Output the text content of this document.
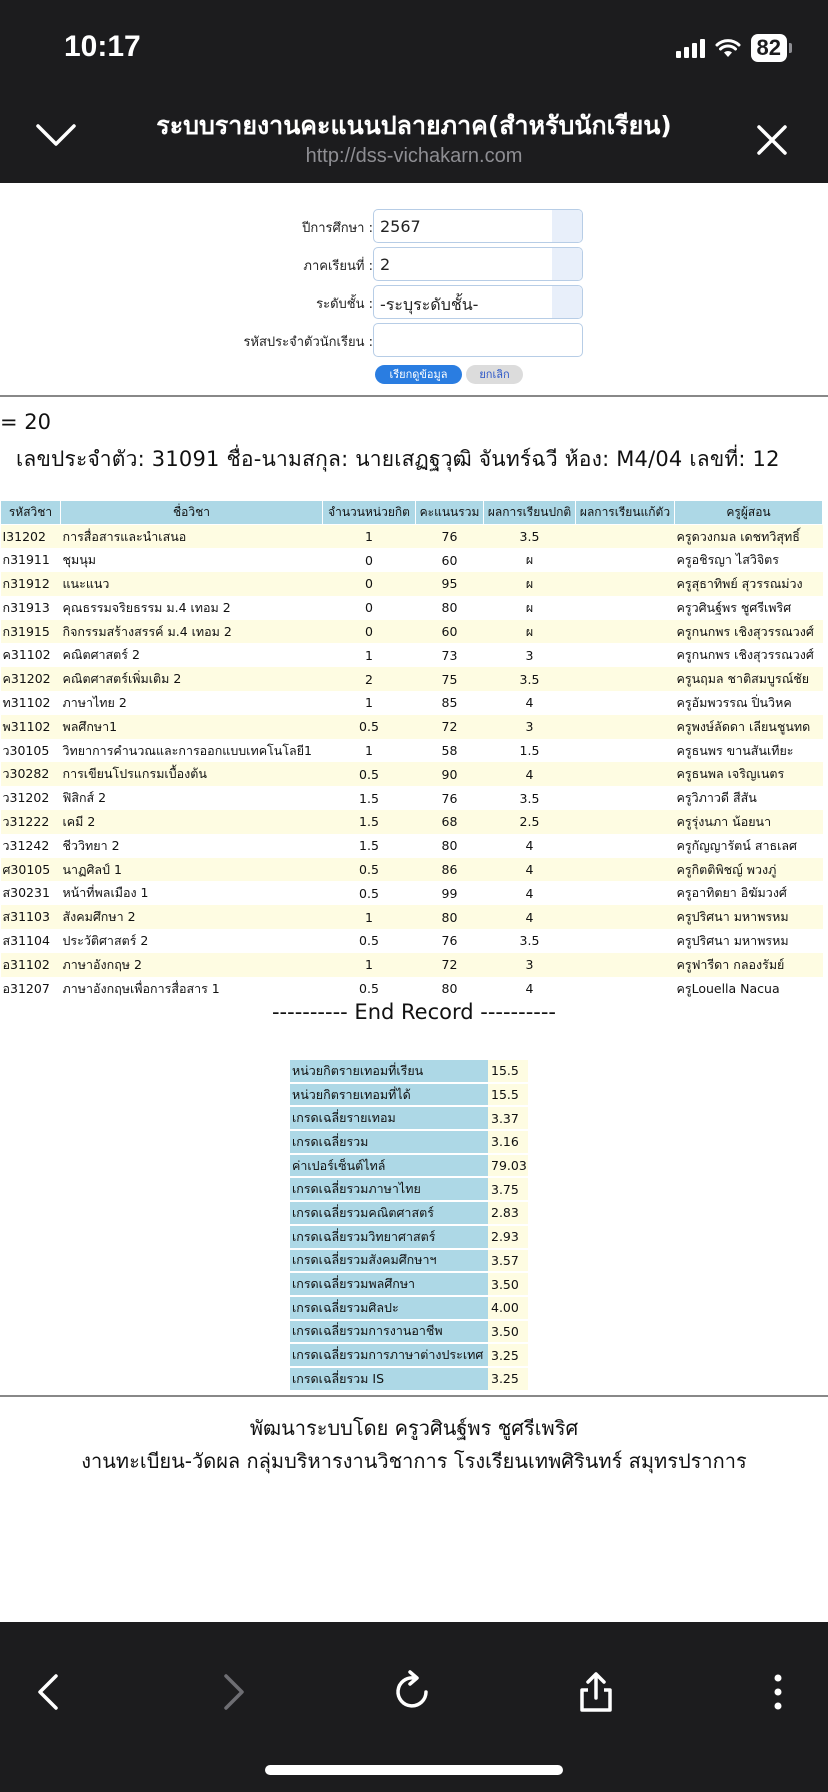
10:17	82
ระบบรายงานคะแนนปลายภาค(สำหรับนักเรียน)
http://dss-vichakarn.com
ปีการศึกษา : 2567
ภาคเรียนที่ : 2
ระดับชั้น : -ระบุระดับชั้น-
รหัสประจำตัวนักเรียน :
เรียกดูข้อมูล	ยกเลิก
= 20
เลขประจำตัว: 31091 ชื่อ-นามสกุล: นายเสฏฐวุฒิ จันทร์ฉวี ห้อง: M4/04 เลขที่: 12
รหัสวิชา	ชื่อวิชา	จำนวนหน่วยกิต	คะแนนรวม	ผลการเรียนปกติ	ผลการเรียนแก้ตัว	ครูผู้สอน
I31202	การสื่อสารและนำเสนอ	1	76	3.5		ครูดวงกมล เดชทวิสุทธิ์
ก31911	ชุมนุม	0	60	ผ		ครูอชิรญา ไสวิจิตร
ก31912	แนะแนว	0	95	ผ		ครูสุธาทิพย์ สุวรรณม่วง
ก31913	คุณธรรมจริยธรรม ม.4 เทอม 2	0	80	ผ		ครูวศินฐ์พร ชูศรีเพริศ
ก31915	กิจกรรมสร้างสรรค์ ม.4 เทอม 2	0	60	ผ		ครูกนกพร เชิงสุวรรณวงศ์
ค31102	คณิตศาสตร์ 2	1	73	3		ครูกนกพร เชิงสุวรรณวงศ์
ค31202	คณิตศาสตร์เพิ่มเติม 2	2	75	3.5		ครูนฤมล ชาติสมบูรณ์ชัย
ท31102	ภาษาไทย 2	1	85	4		ครูอัมพวรรณ ปิ่นวิหค
พ31102	พลศึกษา1	0.5	72	3		ครูพงษ์ลัดดา เลียนชูนทด
ว30105	วิทยาการคำนวณและการออกแบบเทคโนโลยี1	1	58	1.5		ครูธนพร ขานสันเทียะ
ว30282	การเขียนโปรแกรมเบื้องต้น	0.5	90	4		ครูธนพล เจริญเนตร
ว31202	ฟิสิกส์ 2	1.5	76	3.5		ครูวิภาวดี สีสัน
ว31222	เคมี 2	1.5	68	2.5		ครูรุ่งนภา น้อยนา
ว31242	ชีววิทยา 2	1.5	80	4		ครูกัญญารัตน์ สาธเลศ
ศ30105	นาฏศิลป์ 1	0.5	86	4		ครูกิตติพิชญ์ พวงภู่
ส30231	หน้าที่พลเมือง 1	0.5	99	4		ครูอาทิตยา อิฆัมวงศ์
ส31103	สังคมศึกษา 2	1	80	4		ครูปริศนา มหาพรหม
ส31104	ประวัติศาสตร์ 2	0.5	76	3.5		ครูปริศนา มหาพรหม
อ31102	ภาษาอังกฤษ 2	1	72	3		ครูฟารีดา กลองรัมย์
อ31207	ภาษาอังกฤษเพื่อการสื่อสาร 1	0.5	80	4		ครูLouella Nacua
---------- End Record ----------
หน่วยกิตรายเทอมที่เรียน	15.5
หน่วยกิตรายเทอมที่ได้	15.5
เกรดเฉลี่ยรายเทอม	3.37
เกรดเฉลี่ยรวม	3.16
ค่าเปอร์เซ็นต์ไทล์	79.03
เกรดเฉลี่ยรวมภาษาไทย	3.75
เกรดเฉลี่ยรวมคณิตศาสตร์	2.83
เกรดเฉลี่ยรวมวิทยาศาสตร์	2.93
เกรดเฉลี่ยรวมสังคมศึกษาฯ	3.57
เกรดเฉลี่ยรวมพลศึกษา	3.50
เกรดเฉลี่ยรวมศิลปะ	4.00
เกรดเฉลี่ยรวมการงานอาชีพ	3.50
เกรดเฉลี่ยรวมการภาษาต่างประเทศ	3.25
เกรดเฉลี่ยรวม IS	3.25
พัฒนาระบบโดย ครูวศินฐ์พร ชูศรีเพริศ
งานทะเบียน-วัดผล กลุ่มบริหารงานวิชาการ โรงเรียนเทพศิรินทร์ สมุทรปราการ
